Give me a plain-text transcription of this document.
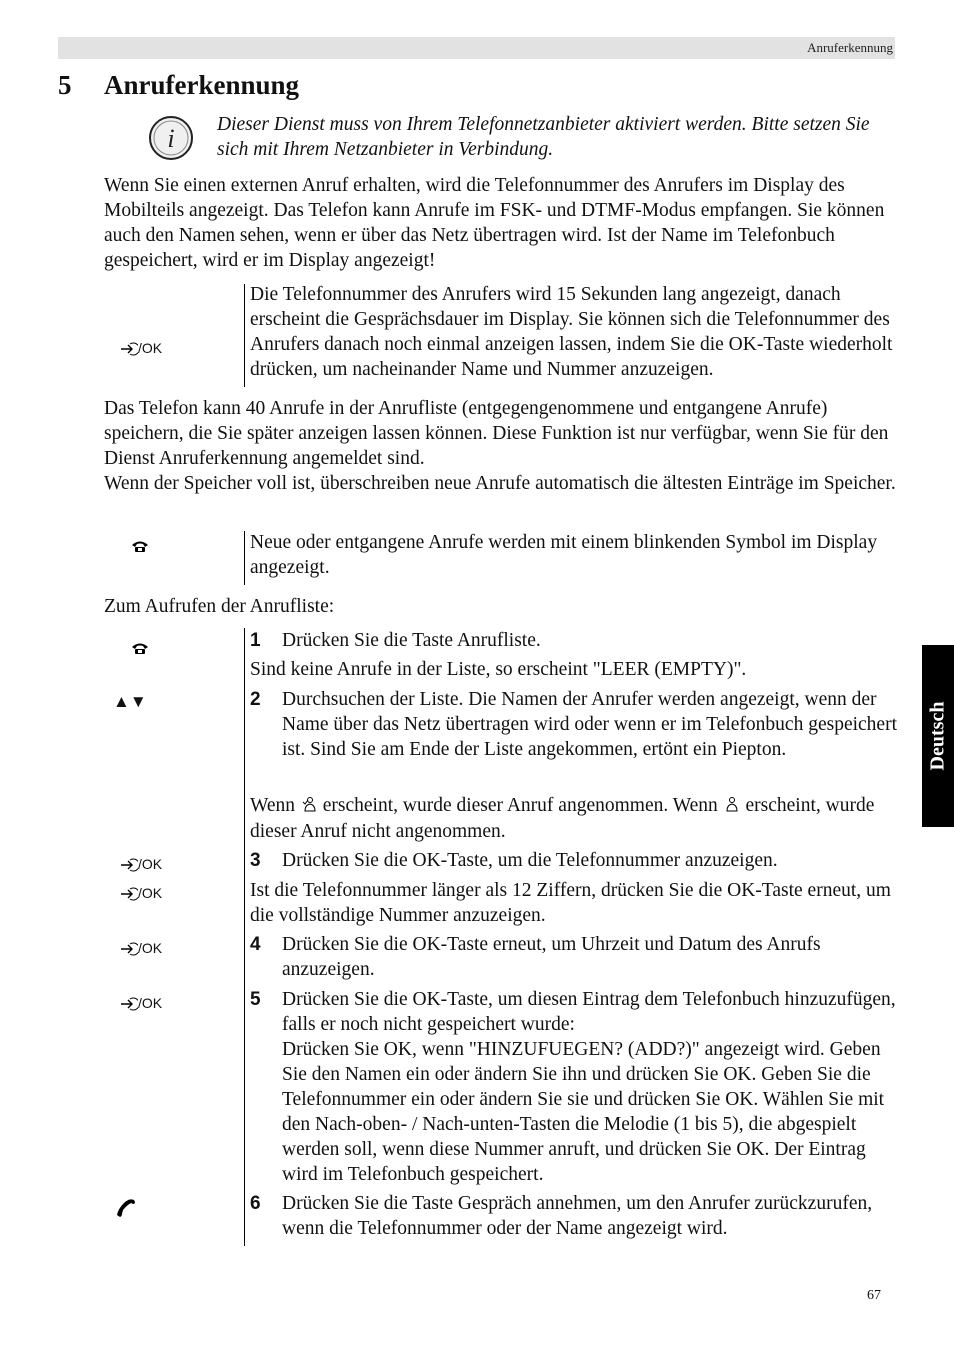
Anruferkennung
5 Anruferkennung
i Dieser Dienst muss von Ihrem Telefonnetzanbieter aktiviert werden. Bitte setzen Sie sich mit Ihrem Netzanbieter in Verbindung.
Wenn Sie einen externen Anruf erhalten, wird die Telefonnummer des Anrufers im Display des Mobilteils angezeigt. Das Telefon kann Anrufe im FSK- und DTMF-Modus empfangen. Sie können auch den Namen sehen, wenn er über das Netz übertragen wird. Ist der Name im Telefonbuch gespeichert, wird er im Display angezeigt!
/OK
Die Telefonnummer des Anrufers wird 15 Sekunden lang angezeigt, danach erscheint die Gesprächsdauer im Display. Sie können sich die Telefonnummer des Anrufers danach noch einmal anzeigen lassen, indem Sie die OK-Taste wiederholt drücken, um nacheinander Name und Nummer anzuzeigen.
Das Telefon kann 40 Anrufe in der Anrufliste (entgegengenommene und entgangene Anrufe) speichern, die Sie später anzeigen lassen können. Diese Funktion ist nur verfügbar, wenn Sie für den Dienst Anruferkennung angemeldet sind.
Wenn der Speicher voll ist, überschreiben neue Anrufe automatisch die ältesten Einträge im Speicher.
Neue oder entgangene Anrufe werden mit einem blinkenden Symbol im Display angezeigt.
Zum Aufrufen der Anrufliste:
▲▼
/OK
/OK
/OK
/OK
1 Drücken Sie die Taste Anrufliste.
Sind keine Anrufe in der Liste, so erscheint "LEER (EMPTY)".
2 Durchsuchen der Liste. Die Namen der Anrufer werden angezeigt, wenn der Name über das Netz übertragen wird oder wenn er im Telefonbuch gespeichert ist. Sind Sie am Ende der Liste angekommen, ertönt ein Piepton.
Wenn erscheint, wurde dieser Anruf angenommen. Wenn erscheint, wurde dieser Anruf nicht angenommen.
3 Drücken Sie die OK-Taste, um die Telefonnummer anzuzeigen.
Ist die Telefonnummer länger als 12 Ziffern, drücken Sie die OK-Taste erneut, um die vollständige Nummer anzuzeigen.
4 Drücken Sie die OK-Taste erneut, um Uhrzeit und Datum des Anrufs anzuzeigen.
5 Drücken Sie die OK-Taste, um diesen Eintrag dem Telefonbuch hinzuzufügen, falls er noch nicht gespeichert wurde:
Drücken Sie OK, wenn "HINZUFUEGEN? (ADD?)" angezeigt wird. Geben Sie den Namen ein oder ändern Sie ihn und drücken Sie OK. Geben Sie die Telefonnummer ein oder ändern Sie sie und drücken Sie OK. Wählen Sie mit den Nach-oben- / Nach-unten-Tasten die Melodie (1 bis 5), die abgespielt werden soll, wenn diese Nummer anruft, und drücken Sie OK. Der Eintrag wird im Telefonbuch gespeichert.
6 Drücken Sie die Taste Gespräch annehmen, um den Anrufer zurückzurufen, wenn die Telefonnummer oder der Name angezeigt wird.
Deutsch
67
